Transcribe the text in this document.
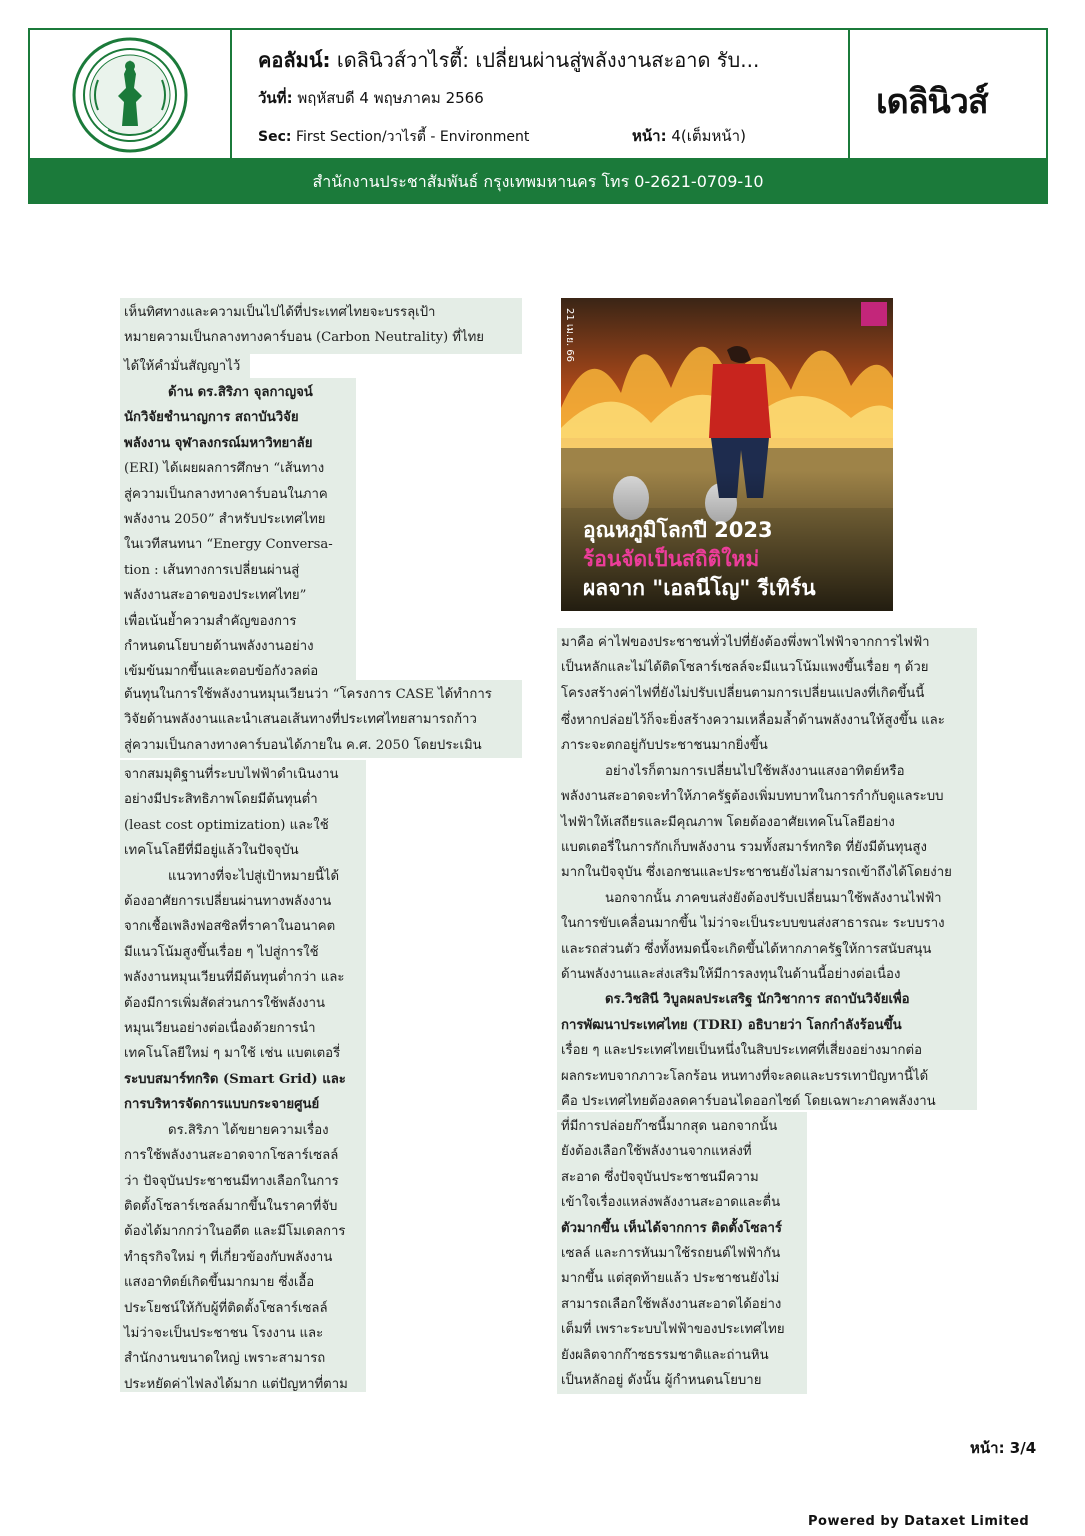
คอลัมน์: เดลินิวส์วาไรตี้: เปลี่ยนผ่านสู่พลังงานสะอาด รับ...
วันที่: พฤหัสบดี 4 พฤษภาคม 2566
Sec: First Section/วาไรตี้ - Environment	หน้า: 4(เต็มหน้า)
เดลินิวส์
สำนักงานประชาสัมพันธ์ กรุงเทพมหานคร โทร 0-2621-0709-10

เห็นทิศทางและความเป็นไปได้ที่ประเทศไทยจะบรรลุเป้า

หมายความเป็นกลางทางคาร์บอน (Carbon Neutrality) ที่ไทย

ได้ให้คำมั่นสัญญาไว้

ด้าน ดร.สิริภา จุลกาญจน์

นักวิจัยชำนาญการ สถาบันวิจัย

พลังงาน จุฬาลงกรณ์มหาวิทยาลัย

(ERI) ได้เผยผลการศึกษา “เส้นทาง

สู่ความเป็นกลางทางคาร์บอนในภาค

พลังงาน 2050” สำหรับประเทศไทย

ในเวทีสนทนา “Energy Conversa-

tion : เส้นทางการเปลี่ยนผ่านสู่

พลังงานสะอาดของประเทศไทย”

เพื่อเน้นย้ำความสำคัญของการ

กำหนดนโยบายด้านพลังงานอย่าง

เข้มข้นมากขึ้นและตอบข้อกังวลต่อ

ต้นทุนในการใช้พลังงานหมุนเวียนว่า “โครงการ CASE ได้ทำการ

วิจัยด้านพลังงานและนำเสนอเส้นทางที่ประเทศไทยสามารถก้าว

สู่ความเป็นกลางทางคาร์บอนได้ภายใน ค.ศ. 2050 โดยประเมิน

จากสมมุติฐานที่ระบบไฟฟ้าดำเนินงาน

อย่างมีประสิทธิภาพโดยมีต้นทุนต่ำ

(least cost optimization) และใช้

เทคโนโลยีที่มีอยู่แล้วในปัจจุบัน

แนวทางที่จะไปสู่เป้าหมายนี้ได้

ต้องอาศัยการเปลี่ยนผ่านทางพลังงาน

จากเชื้อเพลิงฟอสซิลที่ราคาในอนาคต

มีแนวโน้มสูงขึ้นเรื่อย ๆ ไปสู่การใช้

พลังงานหมุนเวียนที่มีต้นทุนต่ำกว่า และ

ต้องมีการเพิ่มสัดส่วนการใช้พลังงาน

หมุนเวียนอย่างต่อเนื่องด้วยการนำ

เทคโนโลยีใหม่ ๆ มาใช้ เช่น แบตเตอรี่

ระบบสมาร์ทกริด (Smart Grid) และ

การบริหารจัดการแบบกระจายศูนย์

ดร.สิริภา ได้ขยายความเรื่อง

การใช้พลังงานสะอาดจากโซลาร์เซลล์

ว่า ปัจจุบันประชาชนมีทางเลือกในการ

ติดตั้งโซลาร์เซลล์มากขึ้นในราคาที่จับ

ต้องได้มากกว่าในอดีต และมีโมเดลการ

ทำธุรกิจใหม่ ๆ ที่เกี่ยวข้องกับพลังงาน

แสงอาทิตย์เกิดขึ้นมากมาย ซึ่งเอื้อ

ประโยชน์ให้กับผู้ที่ติดตั้งโซลาร์เซลล์

ไม่ว่าจะเป็นประชาชน โรงงาน และ

สำนักงานขนาดใหญ่ เพราะสามารถ

ประหยัดค่าไฟลงได้มาก แต่ปัญหาที่ตาม

21 เม.ย. 66
อุณหภูมิโลกปี 2023
ร้อนจัดเป็นสถิติใหม่
ผลจาก "เอลนีโญ" รีเทิร์น

มาคือ ค่าไฟของประชาชนทั่วไปที่ยังต้องพึ่งพาไฟฟ้าจากการไฟฟ้า

เป็นหลักและไม่ได้ติดโซลาร์เซลล์จะมีแนวโน้มแพงขึ้นเรื่อย ๆ ด้วย

โครงสร้างค่าไฟที่ยังไม่ปรับเปลี่ยนตามการเปลี่ยนแปลงที่เกิดขึ้นนี้

ซึ่งหากปล่อยไว้ก็จะยิ่งสร้างความเหลื่อมล้ำด้านพลังงานให้สูงขึ้น และ

ภาระจะตกอยู่กับประชาชนมากยิ่งขึ้น

อย่างไรก็ตามการเปลี่ยนไปใช้พลังงานแสงอาทิตย์หรือ

พลังงานสะอาดจะทำให้ภาครัฐต้องเพิ่มบทบาทในการกำกับดูแลระบบ

ไฟฟ้าให้เสถียรและมีคุณภาพ โดยต้องอาศัยเทคโนโลยีอย่าง

แบตเตอรี่ในการกักเก็บพลังงาน รวมทั้งสมาร์ทกริด ที่ยังมีต้นทุนสูง

มากในปัจจุบัน ซึ่งเอกชนและประชาชนยังไม่สามารถเข้าถึงได้โดยง่าย

นอกจากนั้น ภาคขนส่งยังต้องปรับเปลี่ยนมาใช้พลังงานไฟฟ้า

ในการขับเคลื่อนมากขึ้น ไม่ว่าจะเป็นระบบขนส่งสาธารณะ ระบบราง

และรถส่วนตัว ซึ่งทั้งหมดนี้จะเกิดขึ้นได้หากภาครัฐให้การสนับสนุน

ด้านพลังงานและส่งเสริมให้มีการลงทุนในด้านนี้อย่างต่อเนื่อง

ดร.วิชสินี วิบูลผลประเสริฐ นักวิชาการ สถาบันวิจัยเพื่อ

การพัฒนาประเทศไทย (TDRI) อธิบายว่า โลกกำลังร้อนขึ้น

เรื่อย ๆ และประเทศไทยเป็นหนึ่งในสิบประเทศที่เสี่ยงอย่างมากต่อ

ผลกระทบจากภาวะโลกร้อน หนทางที่จะลดและบรรเทาปัญหานี้ได้

คือ ประเทศไทยต้องลดคาร์บอนไดออกไซด์ โดยเฉพาะภาคพลังงาน

ที่มีการปล่อยก๊าซนี้มากสุด นอกจากนั้น

ยังต้องเลือกใช้พลังงานจากแหล่งที่

สะอาด ซึ่งปัจจุบันประชาชนมีความ

เข้าใจเรื่องแหล่งพลังงานสะอาดและตื่น

ตัวมากขึ้น เห็นได้จากการ ติดตั้งโซลาร์

เซลล์ และการหันมาใช้รถยนต์ไฟฟ้ากัน

มากขึ้น แต่สุดท้ายแล้ว ประชาชนยังไม่

สามารถเลือกใช้พลังงานสะอาดได้อย่าง

เต็มที่ เพราะระบบไฟฟ้าของประเทศไทย

ยังผลิตจากก๊าซธรรมชาติและถ่านหิน

เป็นหลักอยู่ ดังนั้น ผู้กำหนดนโยบาย

หน้า: 3/4
Powered by Dataxet Limited
